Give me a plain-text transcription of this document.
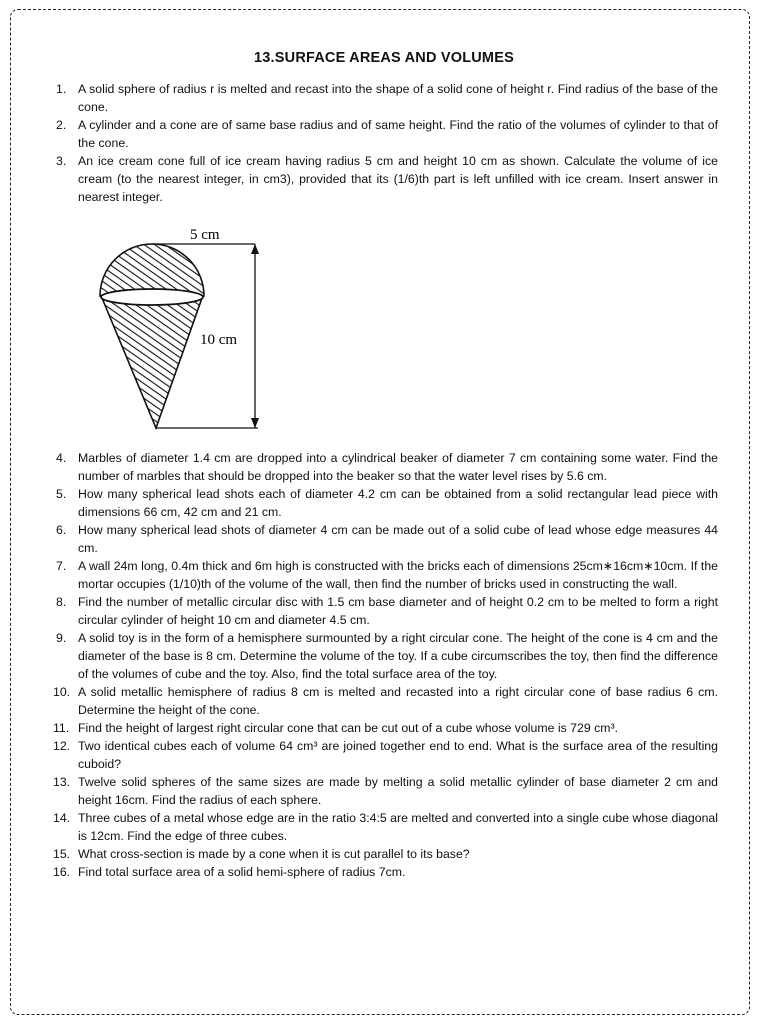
13.SURFACE AREAS AND VOLUMES
1. A solid sphere of radius r is melted and recast into the shape of a solid cone of height r. Find radius of the base of the cone.
2. A cylinder and a cone are of same base radius and of same height. Find the ratio of the volumes of cylinder to that of the cone.
3. An ice cream cone full of ice cream having radius 5 cm and height 10 cm as shown. Calculate the volume of ice cream (to the nearest integer, in cm3), provided that its (1/6)th part is left unfilled with ice cream. Insert answer in nearest integer.
5 cm
10 cm
4. Marbles of diameter 1.4 cm are dropped into a cylindrical beaker of diameter 7 cm containing some water. Find the number of marbles that should be dropped into the beaker so that the water level rises by 5.6 cm.
5. How many spherical lead shots each of diameter 4.2 cm can be obtained from a solid rectangular lead piece with dimensions 66 cm, 42 cm and 21 cm.
6. How many spherical lead shots of diameter 4 cm can be made out of a solid cube of lead whose edge measures 44 cm.
7. A wall 24m long, 0.4m thick and 6m high is constructed with the bricks each of dimensions 25cm∗16cm∗10cm. If the mortar occupies (1/10)th of the volume of the wall, then find the number of bricks used in constructing the wall.
8. Find the number of metallic circular disc with 1.5 cm base diameter and of height 0.2 cm to be melted to form a right circular cylinder of height 10 cm and diameter 4.5 cm.
9. A solid toy is in the form of a hemisphere surmounted by a right circular cone. The height of the cone is 4 cm and the diameter of the base is 8 cm. Determine the volume of the toy. If a cube circumscribes the toy, then find the difference of the volumes of cube and the toy. Also, find the total surface area of the toy.
10. A solid metallic hemisphere of radius 8 cm is melted and recasted into a right circular cone of base radius 6 cm. Determine the height of the cone.
11. Find the height of largest right circular cone that can be cut out of a cube whose volume is 729 cm³.
12. Two identical cubes each of volume 64 cm³ are joined together end to end. What is the surface area of the resulting cuboid?
13. Twelve solid spheres of the same sizes are made by melting a solid metallic cylinder of base diameter 2 cm and height 16cm. Find the radius of each sphere.
14. Three cubes of a metal whose edge are in the ratio 3:4:5 are melted and converted into a single cube whose diagonal is 12cm. Find the edge of three cubes.
15. What cross-section is made by a cone when it is cut parallel to its base?
16. Find total surface area of a solid hemi-sphere of radius 7cm.
